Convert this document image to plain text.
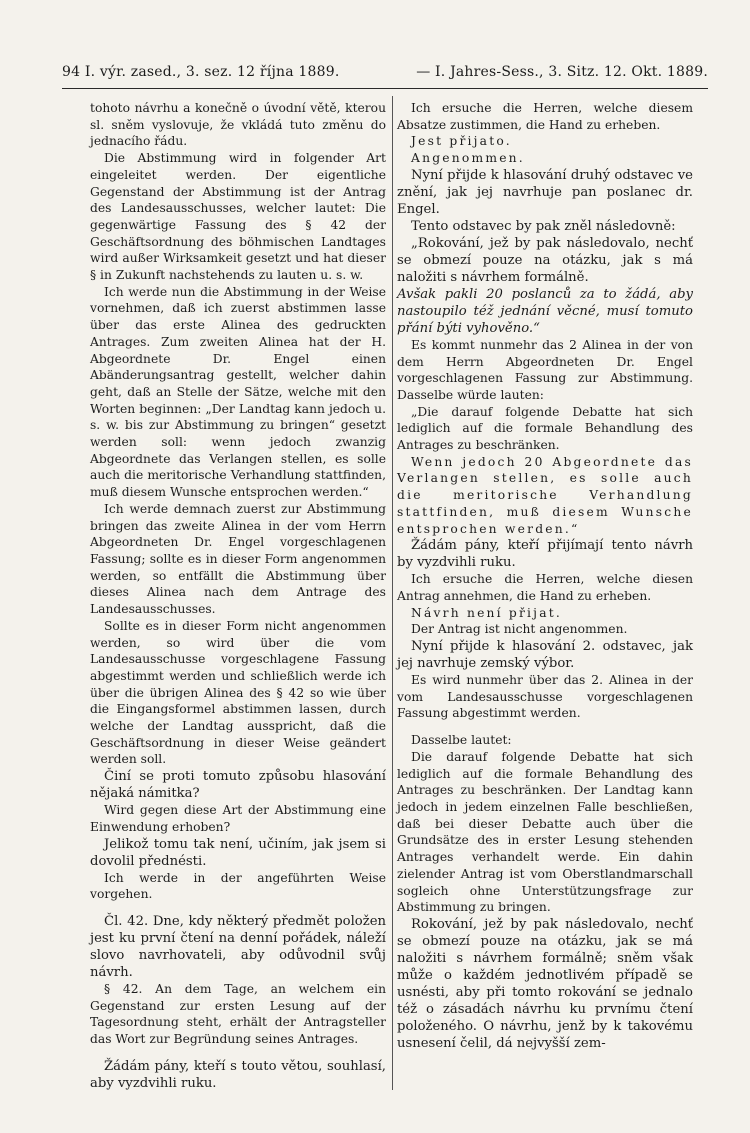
94 I. výr. zased., 3. sez. 12 října 1889.	— I. Jahres-Sess., 3. Sitz. 12. Okt. 1889.

tohoto návrhu a konečně o úvodní větě, kterou sl. sněm vyslovuje, že vkládá tuto změnu do jednacího řádu.

Die Abstimmung wird in folgender Art eingeleitet werden. Der eigentliche Gegenstand der Abstimmung ist der Antrag des Landesausschusses, welcher lautet: Die gegenwärtige Fassung des § 42 der Geschäftsordnung des böhmischen Landtages wird außer Wirksamkeit gesetzt und hat dieser § in Zukunft nachstehends zu lauten u. s. w.

Ich werde nun die Abstimmung in der Weise vornehmen, daß ich zuerst abstimmen lasse über das erste Alinea des gedruckten Antrages. Zum zweiten Alinea hat der H. Abgeordnete Dr. Engel einen Abänderungsantrag gestellt, welcher dahin geht, daß an Stelle der Sätze, welche mit den Worten beginnen: „Der Landtag kann jedoch u. s. w. bis zur Abstimmung zu bringen“ gesetzt werden soll: wenn jedoch zwanzig Abgeordnete das Verlangen stellen, es solle auch die meritorische Verhandlung stattfinden, muß diesem Wunsche entsprochen werden.“

Ich werde demnach zuerst zur Abstimmung bringen das zweite Alinea in der vom Herrn Abgeordneten Dr. Engel vorgeschlagenen Fassung; sollte es in dieser Form angenommen werden, so entfällt die Abstimmung über dieses Alinea nach dem Antrage des Landesausschusses.

Sollte es in dieser Form nicht angenommen werden, so wird über die vom Landesausschusse vorgeschlagene Fassung abgestimmt werden und schließlich werde ich über die übrigen Alinea des § 42 so wie über die Eingangsformel abstimmen lassen, durch welche der Landtag ausspricht, daß die Geschäftsordnung in dieser Weise geändert werden soll.

Činí se proti tomuto způsobu hlasování nějaká námitka?

Wird gegen diese Art der Abstimmung eine Einwendung erhoben?

Jelikož tomu tak není, učiním, jak jsem si dovolil přednésti.

Ich werde in der angeführten Weise vorgehen.

Čl. 42. Dne, kdy některý předmět položen jest ku první čtení na denní pořádek, náleží slovo navrhovateli, aby odůvodnil svůj návrh.

§ 42. An dem Tage, an welchem ein Gegenstand zur ersten Lesung auf der Tagesordnung steht, erhält der Antragsteller das Wort zur Begründung seines Antrages.

Žádám pány, kteří s touto větou, souhlasí, aby vyzdvihli ruku.

Ich ersuche die Herren, welche diesem Absatze zustimmen, die Hand zu erheben.

Jest přijato.

Angenommen.

Nyní přijde k hlasování druhý odstavec ve znění, jak jej navrhuje pan poslanec dr. Engel.

Tento odstavec by pak zněl následovně:

„Rokování, jež by pak následovalo, nechť se obmezí pouze na otázku, jak s má naložiti s návrhem formálně.

Avšak pakli 20 poslanců za to žádá, aby nastoupilo též jednání věcné, musí tomuto přání býti vyhověno.“

Es kommt nunmehr das 2 Alinea in der von dem Herrn Abgeordneten Dr. Engel vorgeschlagenen Fassung zur Abstimmung. Dasselbe würde lauten:

„Die darauf folgende Debatte hat sich lediglich auf die formale Behandlung des Antrages zu beschränken.

Wenn jedoch 20 Abgeordnete das Verlangen stellen, es solle auch die meritorische Verhandlung stattfinden, muß diesem Wunsche entsprochen werden.“

Žádám pány, kteří přijímají tento návrh by vyzdvihli ruku.

Ich ersuche die Herren, welche diesen Antrag annehmen, die Hand zu erheben.

Návrh není přijat.

Der Antrag ist nicht angenommen.

Nyní přijde k hlasování 2. odstavec, jak jej navrhuje zemský výbor.

Es wird nunmehr über das 2. Alinea in der vom Landesausschusse vorgeschlagenen Fassung abgestimmt werden.

Dasselbe lautet:

Die darauf folgende Debatte hat sich lediglich auf die formale Behandlung des Antrages zu beschränken. Der Landtag kann jedoch in jedem einzelnen Falle beschließen, daß bei dieser Debatte auch über die Grundsätze des in erster Lesung stehenden Antrages verhandelt werde. Ein dahin zielender Antrag ist vom Oberstlandmarschall sogleich ohne Unterstützungsfrage zur Abstimmung zu bringen.

Rokování, jež by pak následovalo, nechť se obmezí pouze na otázku, jak se má naložiti s návrhem formálně; sněm však může o každém jednotlivém případě se usnésti, aby při tomto rokování se jednalo též o zásadách návrhu ku prvnímu čtení položeného. O návrhu, jenž by k takovému usnesení čelil, dá nejvyšší zem-
